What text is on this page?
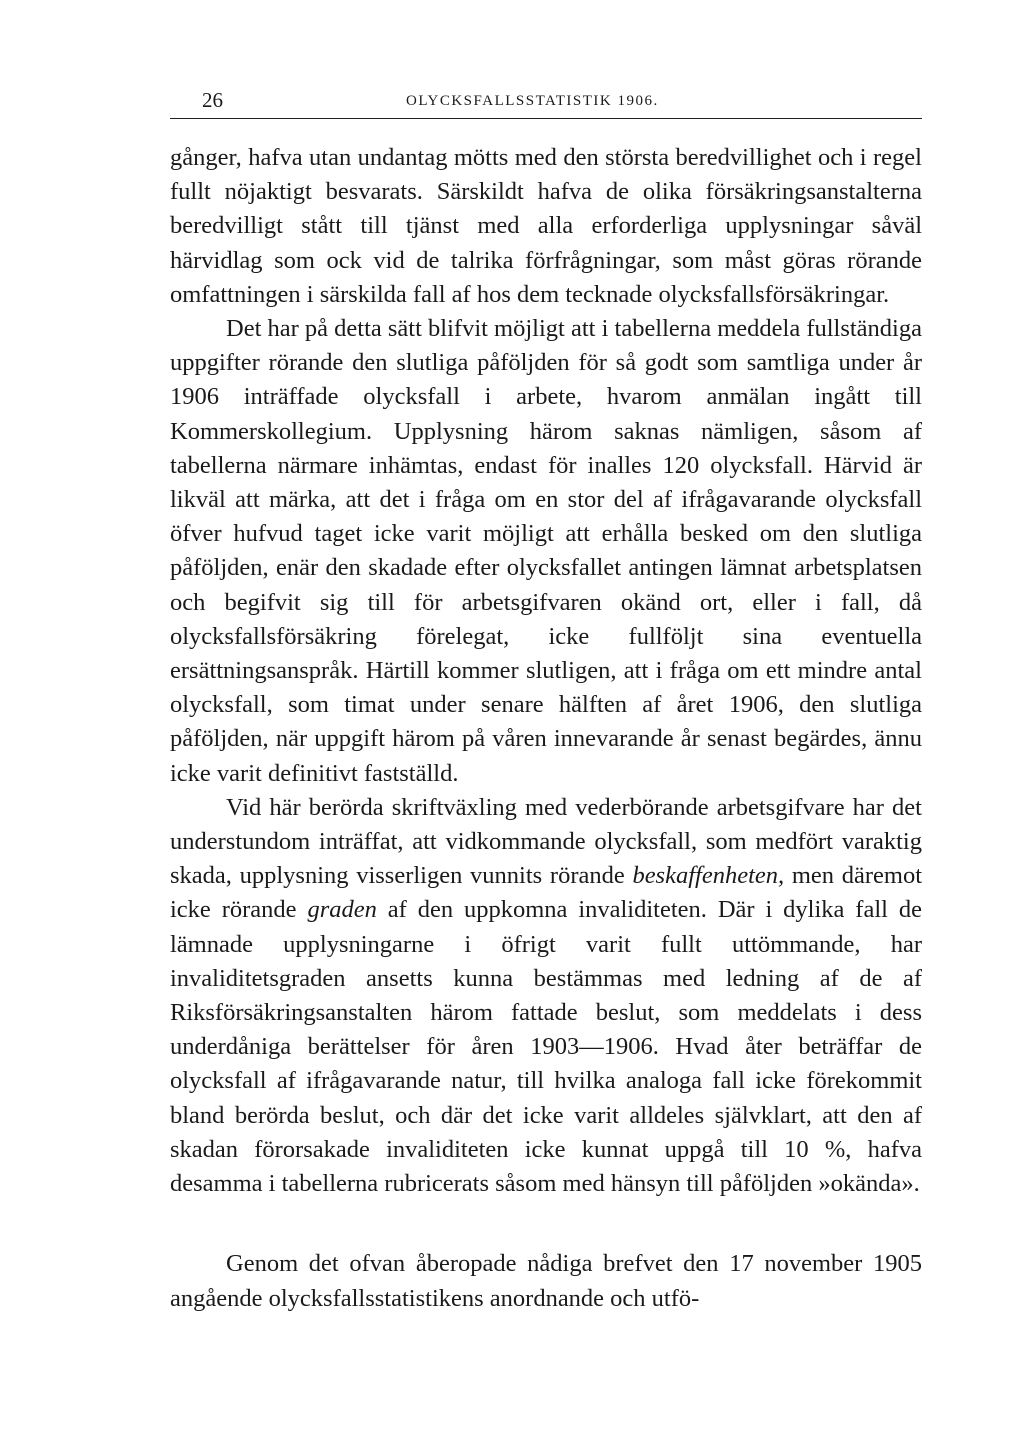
26	OLYCKSFALLSSTATISTIK 1906.

gånger, hafva utan undantag mötts med den största beredvillighet och i regel fullt nöjaktigt besvarats. Särskildt hafva de olika försäkringsanstalterna beredvilligt stått till tjänst med alla erforderliga upplysningar såväl härvidlag som ock vid de talrika förfrågningar, som måst göras rörande omfattningen i särskilda fall af hos dem tecknade olycksfallsförsäkringar.

Det har på detta sätt blifvit möjligt att i tabellerna meddela fullständiga uppgifter rörande den slutliga påföljden för så godt som samtliga under år 1906 inträffade olycksfall i arbete, hvarom anmälan ingått till Kommerskollegium. Upplysning härom saknas nämligen, såsom af tabellerna närmare inhämtas, endast för inalles 120 olycksfall. Härvid är likväl att märka, att det i fråga om en stor del af ifrågavarande olycksfall öfver hufvud taget icke varit möjligt att erhålla besked om den slutliga påföljden, enär den skadade efter olycksfallet antingen lämnat arbetsplatsen och begifvit sig till för arbetsgifvaren okänd ort, eller i fall, då olycksfallsförsäkring förelegat, icke fullföljt sina eventuella ersättningsanspråk. Härtill kommer slutligen, att i fråga om ett mindre antal olycksfall, som timat under senare hälften af året 1906, den slutliga påföljden, när uppgift härom på våren innevarande år senast begärdes, ännu icke varit definitivt fastställd.

Vid här berörda skriftväxling med vederbörande arbetsgifvare har det understundom inträffat, att vidkommande olycksfall, som medfört varaktig skada, upplysning visserligen vunnits rörande beskaffenheten, men däremot icke rörande graden af den uppkomna invaliditeten. Där i dylika fall de lämnade upplysningarne i öfrigt varit fullt uttömmande, har invaliditetsgraden ansetts kunna bestämmas med ledning af de af Riksförsäkringsanstalten härom fattade beslut, som meddelats i dess underdåniga berättelser för åren 1903—1906. Hvad åter beträffar de olycksfall af ifrågavarande natur, till hvilka analoga fall icke förekommit bland berörda beslut, och där det icke varit alldeles självklart, att den af skadan förorsakade invaliditeten icke kunnat uppgå till 10 %, hafva desamma i tabellerna rubricerats såsom med hänsyn till påföljden »okända».

Genom det ofvan åberopade nådiga brefvet den 17 november 1905 angående olycksfallsstatistikens anordnande och utfö-
